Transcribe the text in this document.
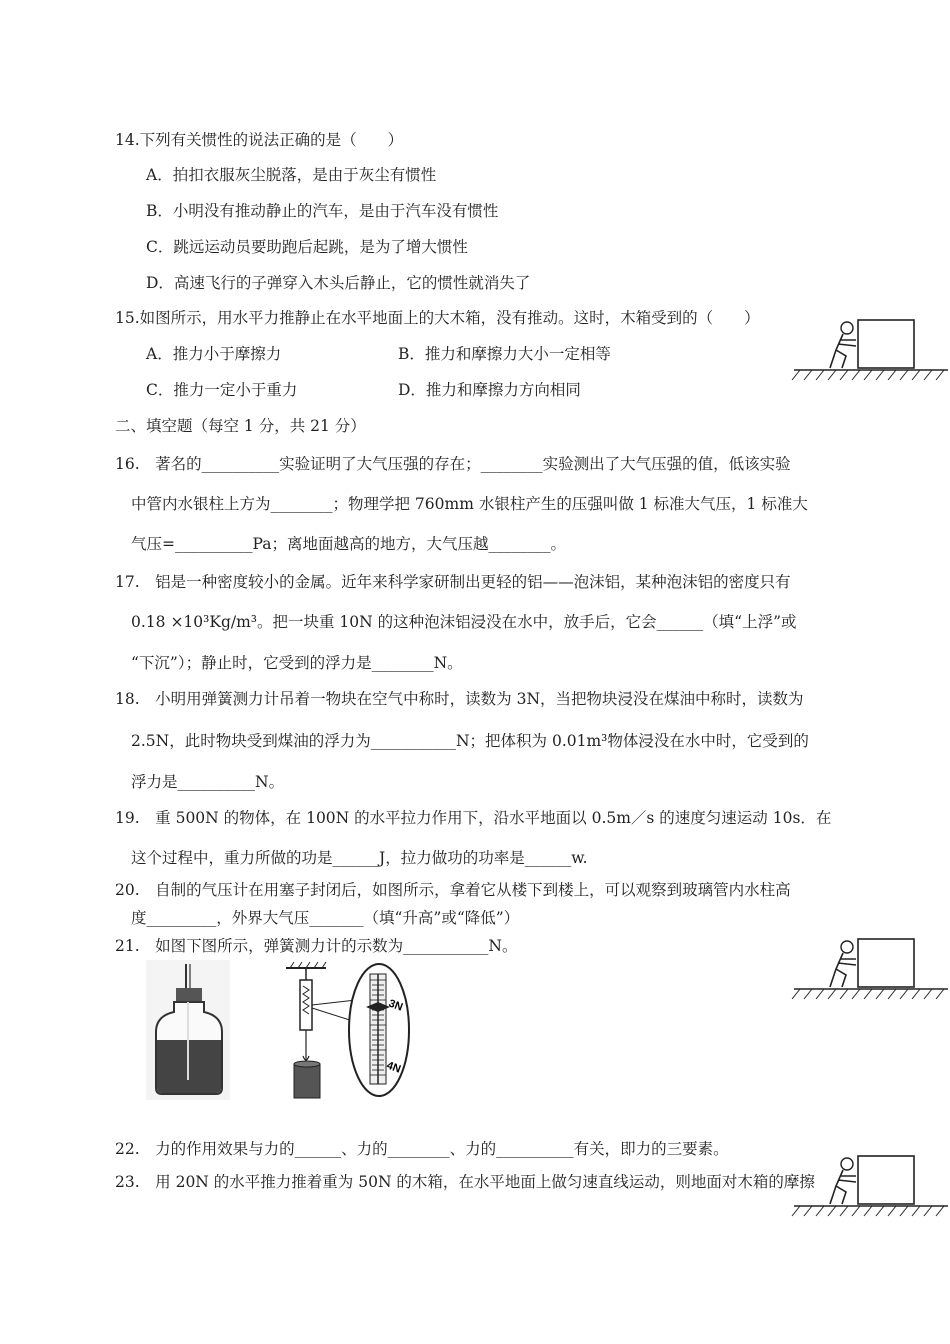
14.下列有关惯性的说法正确的是（　　）
A．拍扣衣服灰尘脱落，是由于灰尘有惯性
B．小明没有推动静止的汽车，是由于汽车没有惯性
C．跳远运动员要助跑后起跳，是为了增大惯性
D．高速飞行的子弹穿入木头后静止，它的惯性就消失了
15.如图所示，用水平力推静止在水平地面上的大木箱，没有推动。这时，木箱受到的（　　）
A．推力小于摩擦力	B．推力和摩擦力大小一定相等
C．推力一定小于重力	D．推力和摩擦力方向相同
二、填空题（每空 1 分，共 21 分）
16.　著名的__________实验证明了大气压强的存在；________实验测出了大气压强的值，低该实验
中管内水银柱上方为________；物理学把 760mm 水银柱产生的压强叫做 1 标准大气压，1 标准大
气压=__________Pa；离地面越高的地方，大气压越________。
17.　铝是一种密度较小的金属。近年来科学家研制出更轻的铝——泡沫铝，某种泡沫铝的密度只有
0.18 ×10³Kg/m³。把一块重 10N 的这种泡沫铝浸没在水中，放手后，它会______（填“上浮”或
“下沉”）；静止时，它受到的浮力是________N。
18.　小明用弹簧测力计吊着一物块在空气中称时，读数为 3N，当把物块浸没在煤油中称时，读数为
2.5N，此时物块受到煤油的浮力为___________N；把体积为 0.01m³物体浸没在水中时，它受到的
浮力是__________N。
19.　重 500N 的物体，在 100N 的水平拉力作用下，沿水平地面以 0.5m／s 的速度匀速运动 10s．在
这个过程中，重力所做的功是______J，拉力做功的功率是______w.
20.　自制的气压计在用塞子封闭后，如图所示，拿着它从楼下到楼上，可以观察到玻璃管内水柱高
度_________，外界大气压_______（填“升高”或“降低”）
21.　如图下图所示，弹簧测力计的示数为___________N。
3N
4N
22.　力的作用效果与力的______、力的________、力的__________有关，即力的三要素。
23.　用 20N 的水平推力推着重为 50N 的木箱，在水平地面上做匀速直线运动，则地面对木箱的摩擦
